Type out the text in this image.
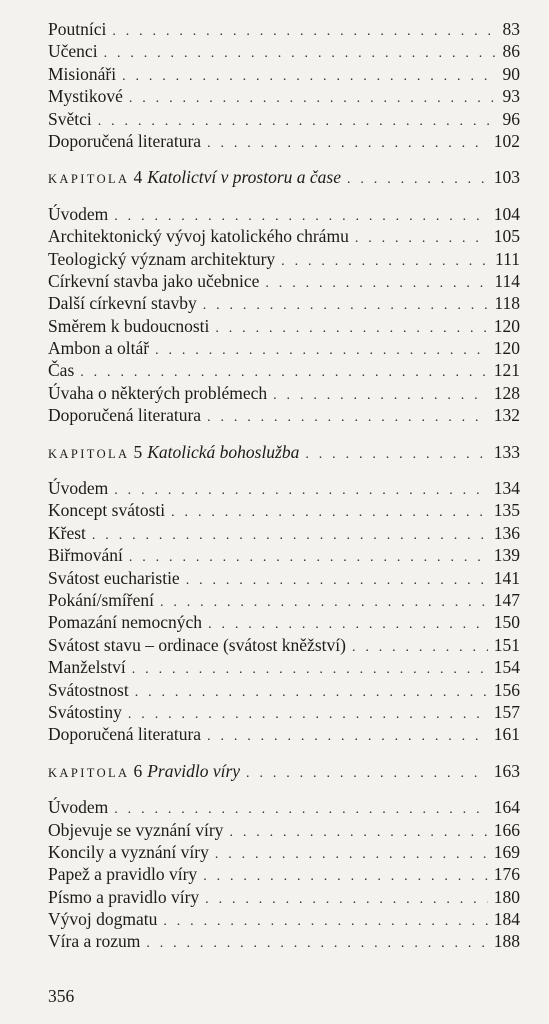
Poutníci . . .	83
Učenci . . .	86
Misionáři . . .	90
Mystikové . . .	93
Světci . . .	96
Doporučená literatura . . .	102
KAPITOLA 4 Katolictví v prostoru a čase . . .	103
Úvodem . . .	104
Architektonický vývoj katolického chrámu . . .	105
Teologický význam architektury . . .	111
Církevní stavba jako učebnice . . .	114
Další církevní stavby . . .	118
Směrem k budoucnosti . . .	120
Ambon a oltář . . .	120
Čas . . .	121
Úvaha o některých problémech . . .	128
Doporučená literatura . . .	132
KAPITOLA 5 Katolická bohoslužba . . .	133
Úvodem . . .	134
Koncept svátosti . . .	135
Křest . . .	136
Biřmování . . .	139
Svátost eucharistie . . .	141
Pokání/smíření . . .	147
Pomazání nemocných . . .	150
Svátost stavu – ordinace (svátost kněžství) . . .	151
Manželství . . .	154
Svátostnost . . .	156
Svátostiny . . .	157
Doporučená literatura . . .	161
KAPITOLA 6 Pravidlo víry . . .	163
Úvodem . . .	164
Objevuje se vyznání víry . . .	166
Koncily a vyznání víry . . .	169
Papež a pravidlo víry . . .	176
Písmo a pravidlo víry . . .	180
Vývoj dogmatu . . .	184
Víra a rozum . . .	188
356
